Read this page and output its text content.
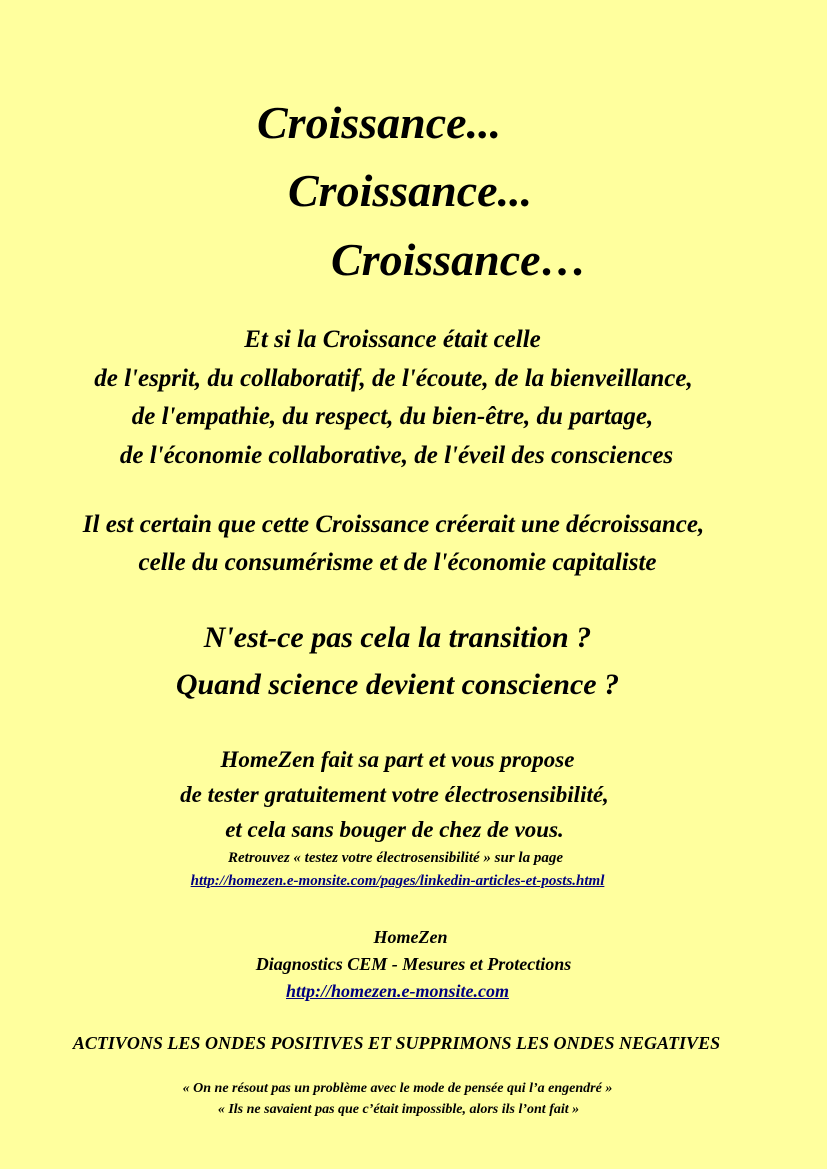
Croissance...
Croissance...
Croissance…
Et si la Croissance était celle
de l'esprit, du collaboratif, de l'écoute, de la bienveillance,
de l'empathie, du respect, du bien-être, du partage,
de l'économie collaborative, de l'éveil des consciences
Il est certain que cette Croissance créerait une décroissance,
celle du consumérisme et de l'économie capitaliste
N'est-ce pas cela la transition ?
Quand science devient conscience ?
HomeZen fait sa part et vous propose
de tester gratuitement votre électrosensibilité,
et cela sans bouger de chez de vous.
Retrouvez « testez votre électrosensibilité » sur la page
http://homezen.e-monsite.com/pages/linkedin-articles-et-posts.html
HomeZen
Diagnostics CEM - Mesures et Protections
http://homezen.e-monsite.com
ACTIVONS LES ONDES POSITIVES ET SUPPRIMONS LES ONDES NEGATIVES
« On ne résout pas un problème avec le mode de pensée qui l’a engendré »
« Ils ne savaient pas que c’était impossible, alors ils l’ont fait »
